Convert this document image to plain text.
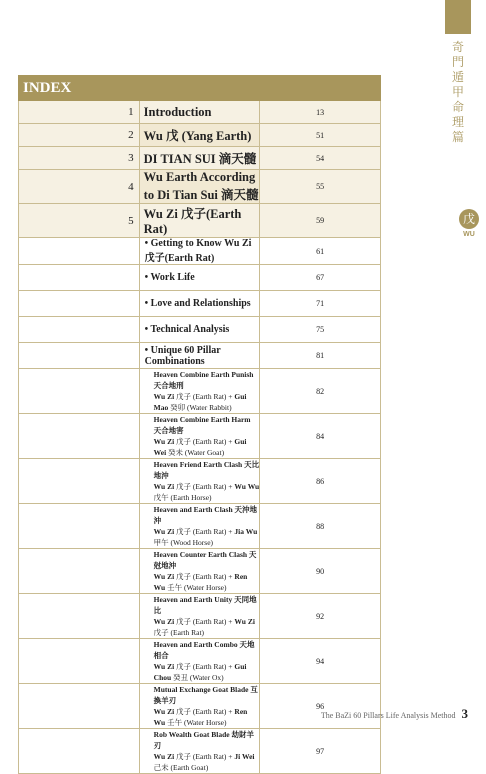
奇
門
遁
甲
命
理
篇
戊
WU
INDEX		
1	Introduction	13
2	Wu 戊 (Yang Earth)	51
3	DI TIAN SUI 滴天髓	54
4	Wu Earth According to Di Tian Sui 滴天髓	55
5	Wu Zi 戊子(Earth Rat)	59
	• Getting to Know Wu Zi 戊子(Earth Rat)	61
	• Work Life	67
	• Love and Relationships	71
	• Technical Analysis	75
	• Unique 60 Pillar Combinations	81

	Heaven Combine Earth Punish 天合地刑
Wu Zi 戊子 (Earth Rat) + Gui Mao 癸卯 (Water Rabbit)	82

	Heaven Combine Earth Harm 天合地害
Wu Zi 戊子 (Earth Rat) + Gui Wei 癸未 (Water Goat)	84

	Heaven Friend Earth Clash 天比地沖
Wu Zi 戊子 (Earth Rat) + Wu Wu 戊午 (Earth Horse)	86

	Heaven and Earth Clash 天沖地沖
Wu Zi 戊子 (Earth Rat) + Jia Wu 甲午 (Wood Horse)	88

	Heaven Counter Earth Clash 天尅地沖
Wu Zi 戊子 (Earth Rat) + Ren Wu 壬午 (Water Horse)	90

	Heaven and Earth Unity 天同地比
Wu Zi 戊子 (Earth Rat) + Wu Zi 戊子 (Earth Rat)	92

	Heaven and Earth Combo 天地相合
Wu Zi 戊子 (Earth Rat) + Gui Chou 癸丑 (Water Ox)	94

	Mutual Exchange Goat Blade 互換羊刃
Wu Zi 戊子 (Earth Rat) + Ren Wu 壬午 (Water Horse)	96

	Rob Wealth Goat Blade 劫財羊刃
Wu Zi 戊子 (Earth Rat) + Ji Wei 己未 (Earth Goat)	97
The BaZi 60 Pillars Life Analysis Method 3
